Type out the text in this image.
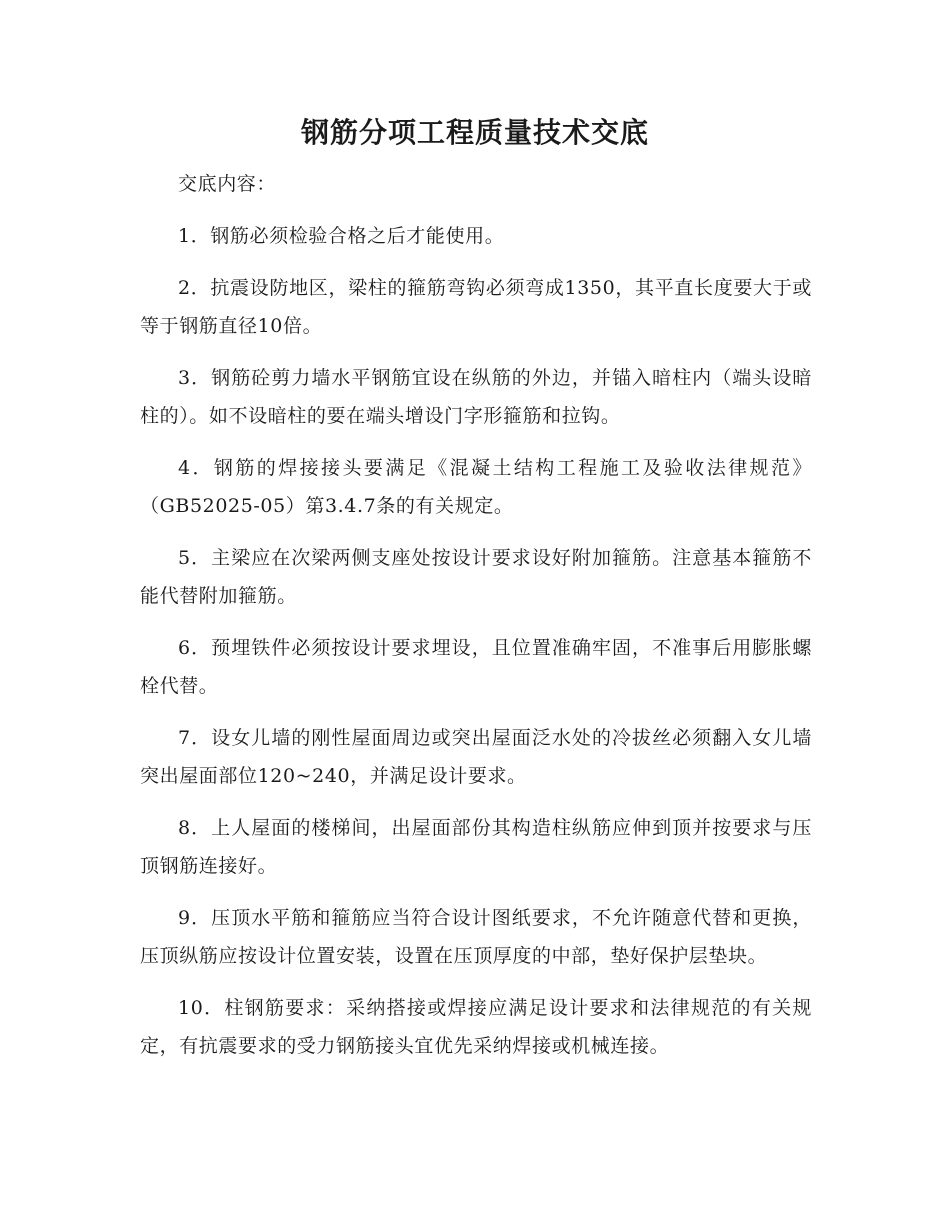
钢筋分项工程质量技术交底

交底内容：

1．钢筋必须检验合格之后才能使用。

2．抗震设防地区，梁柱的箍筋弯钩必须弯成1350，其平直长度要大于或等于钢筋直径10倍。

3．钢筋砼剪力墙水平钢筋宜设在纵筋的外边，并锚入暗柱内（端头设暗柱的）。如不设暗柱的要在端头增设门字形箍筋和拉钩。

4．钢筋的焊接接头要满足《混凝土结构工程施工及验收法律规范》（GB52025-05）第3.4.7条的有关规定。

5．主梁应在次梁两侧支座处按设计要求设好附加箍筋。注意基本箍筋不能代替附加箍筋。

6．预埋铁件必须按设计要求埋设，且位置准确牢固，不准事后用膨胀螺栓代替。

7．设女儿墙的刚性屋面周边或突出屋面泛水处的冷拔丝必须翻入女儿墙突出屋面部位120~240，并满足设计要求。

8．上人屋面的楼梯间，出屋面部份其构造柱纵筋应伸到顶并按要求与压顶钢筋连接好。

9．压顶水平筋和箍筋应当符合设计图纸要求，不允许随意代替和更换，压顶纵筋应按设计位置安装，设置在压顶厚度的中部，垫好保护层垫块。

10．柱钢筋要求：采纳搭接或焊接应满足设计要求和法律规范的有关规定，有抗震要求的受力钢筋接头宜优先采纳焊接或机械连接。
